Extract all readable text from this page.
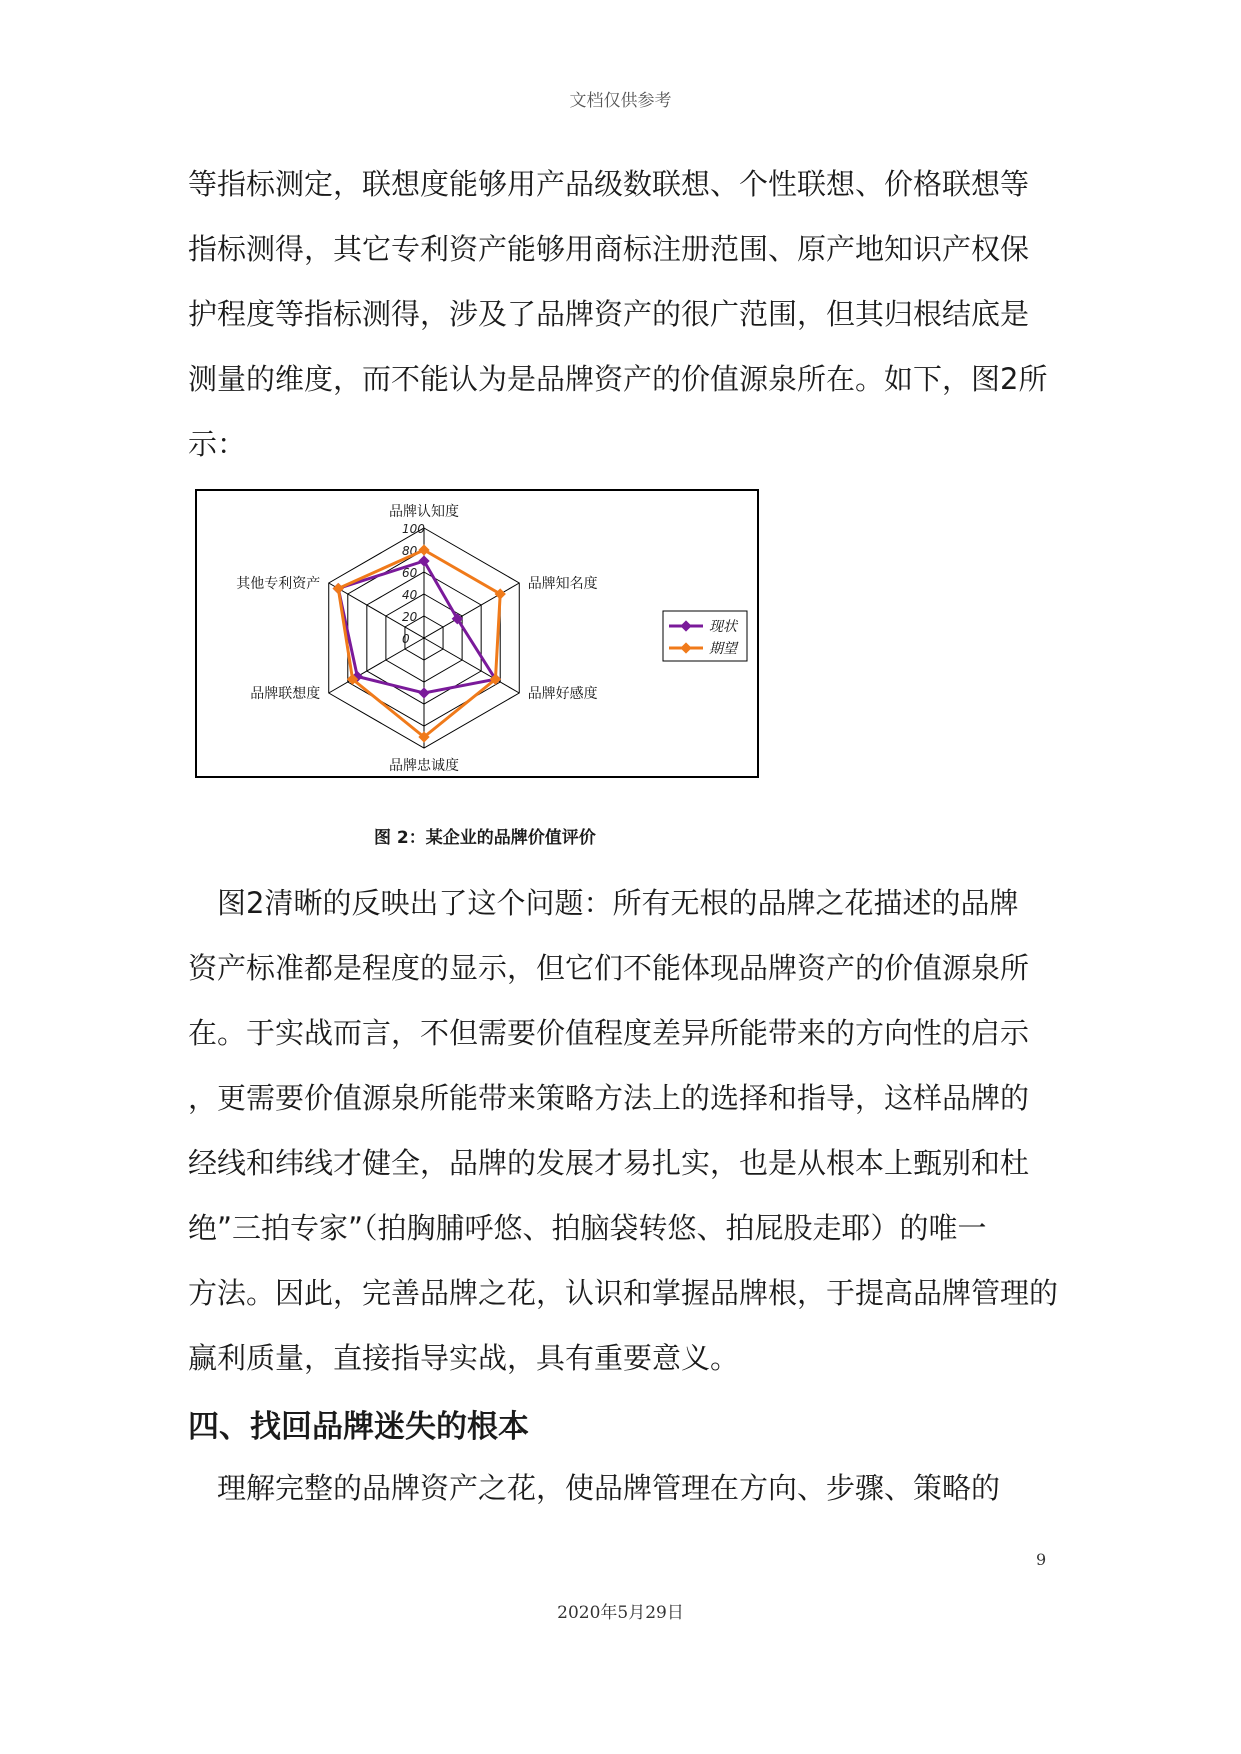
文档仅供参考
等指标测定，联想度能够用产品级数联想、个性联想、价格联想等
指标测得，其它专利资产能够用商标注册范围、原产地知识产权保
护程度等指标测得，涉及了品牌资产的很广范围，但其归根结底是
测量的维度，而不能认为是品牌资产的价值源泉所在。如下，图2所
示：
100
80
60
40
20
0
品牌认知度
品牌知名度
品牌好感度
品牌忠诚度
品牌联想度
其他专利资产
现状
期望
图 2：某企业的品牌价值评价
　图2清晰的反映出了这个问题：所有无根的品牌之花描述的品牌
资产标准都是程度的显示，但它们不能体现品牌资产的价值源泉所
在。于实战而言，不但需要价值程度差异所能带来的方向性的启示
，更需要价值源泉所能带来策略方法上的选择和指导，这样品牌的
经线和纬线才健全，品牌的发展才易扎实，也是从根本上甄别和杜
绝”三拍专家”（拍胸脯呼悠、拍脑袋转悠、拍屁股走耶）的唯一
方法。因此，完善品牌之花，认识和掌握品牌根，于提高品牌管理的
赢利质量，直接指导实战，具有重要意义。
四、找回品牌迷失的根本
　理解完整的品牌资产之花，使品牌管理在方向、步骤、策略的
9
2020年5月29日
